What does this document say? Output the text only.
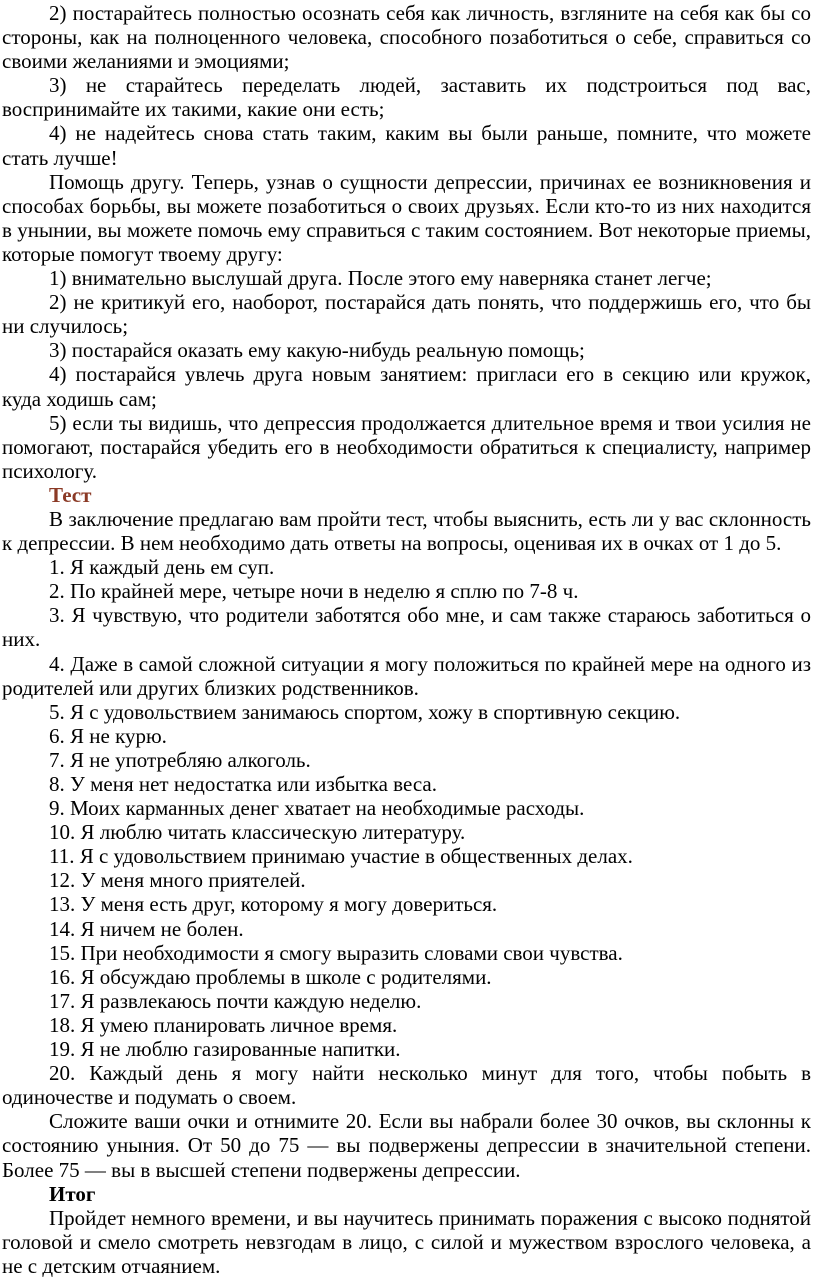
2) постарайтесь полностью осознать себя как личность, взгляните на себя как бы со стороны, как на полноценного человека, способного позаботиться о себе, справиться со своими желаниями и эмоциями;

3) не старайтесь переделать людей, заставить их подстроиться под вас, воспринимайте их такими, какие они есть;

4) не надейтесь снова стать таким, каким вы были раньше, помните, что можете стать лучше!

Помощь другу. Теперь, узнав о сущности депрессии, причинах ее возникновения и способах борьбы, вы можете позаботиться о своих друзьях. Если кто-то из них находится в унынии, вы можете помочь ему справиться с таким состоянием. Вот некоторые приемы, которые помогут твоему другу:

1) внимательно выслушай друга. После этого ему наверняка станет легче;

2) не критикуй его, наоборот, постарайся дать понять, что поддержишь его, что бы ни случилось;

3) постарайся оказать ему какую-нибудь реальную помощь;

4) постарайся увлечь друга новым занятием: пригласи его в секцию или кружок, куда ходишь сам;

5) если ты видишь, что депрессия продолжается длительное время и твои усилия не помогают, постарайся убедить его в необходимости обратиться к специалисту, например психологу.

Тест

В заключение предлагаю вам пройти тест, чтобы выяснить, есть ли у вас склонность к депрессии. В нем необходимо дать ответы на вопросы, оценивая их в очках от 1 до 5.

1. Я каждый день ем суп.

2. По крайней мере, четыре ночи в неделю я сплю по 7-8 ч.

3. Я чувствую, что родители заботятся обо мне, и сам также стараюсь заботиться о них.

4. Даже в самой сложной ситуации я могу положиться по крайней мере на одного из родителей или других близких родственников.

5. Я с удовольствием занимаюсь спортом, хожу в спортивную секцию.

6. Я не курю.

7. Я не употребляю алкоголь.

8. У меня нет недостатка или избытка веса.

9. Моих карманных денег хватает на необходимые расходы.

10. Я люблю читать классическую литературу.

11. Я с удовольствием принимаю участие в общественных делах.

12. У меня много приятелей.

13. У меня есть друг, которому я могу довериться.

14. Я ничем не болен.

15. При необходимости я смогу выразить словами свои чувства.

16. Я обсуждаю проблемы в школе с родителями.

17. Я развлекаюсь почти каждую неделю.

18. Я умею планировать личное время.

19. Я не люблю газированные напитки.

20. Каждый день я могу найти несколько минут для того, чтобы побыть в одиночестве и подумать о своем.

Сложите ваши очки и отнимите 20. Если вы набрали более 30 очков, вы склонны к состоянию уныния. От 50 до 75 — вы подвержены депрессии в значительной степени. Более 75 — вы в высшей степени подвержены депрессии.

Итог

Пройдет немного времени, и вы научитесь принимать поражения с высоко поднятой головой и смело смотреть невзгодам в лицо, с силой и мужеством взрослого человека, а не с детским отчаянием.
